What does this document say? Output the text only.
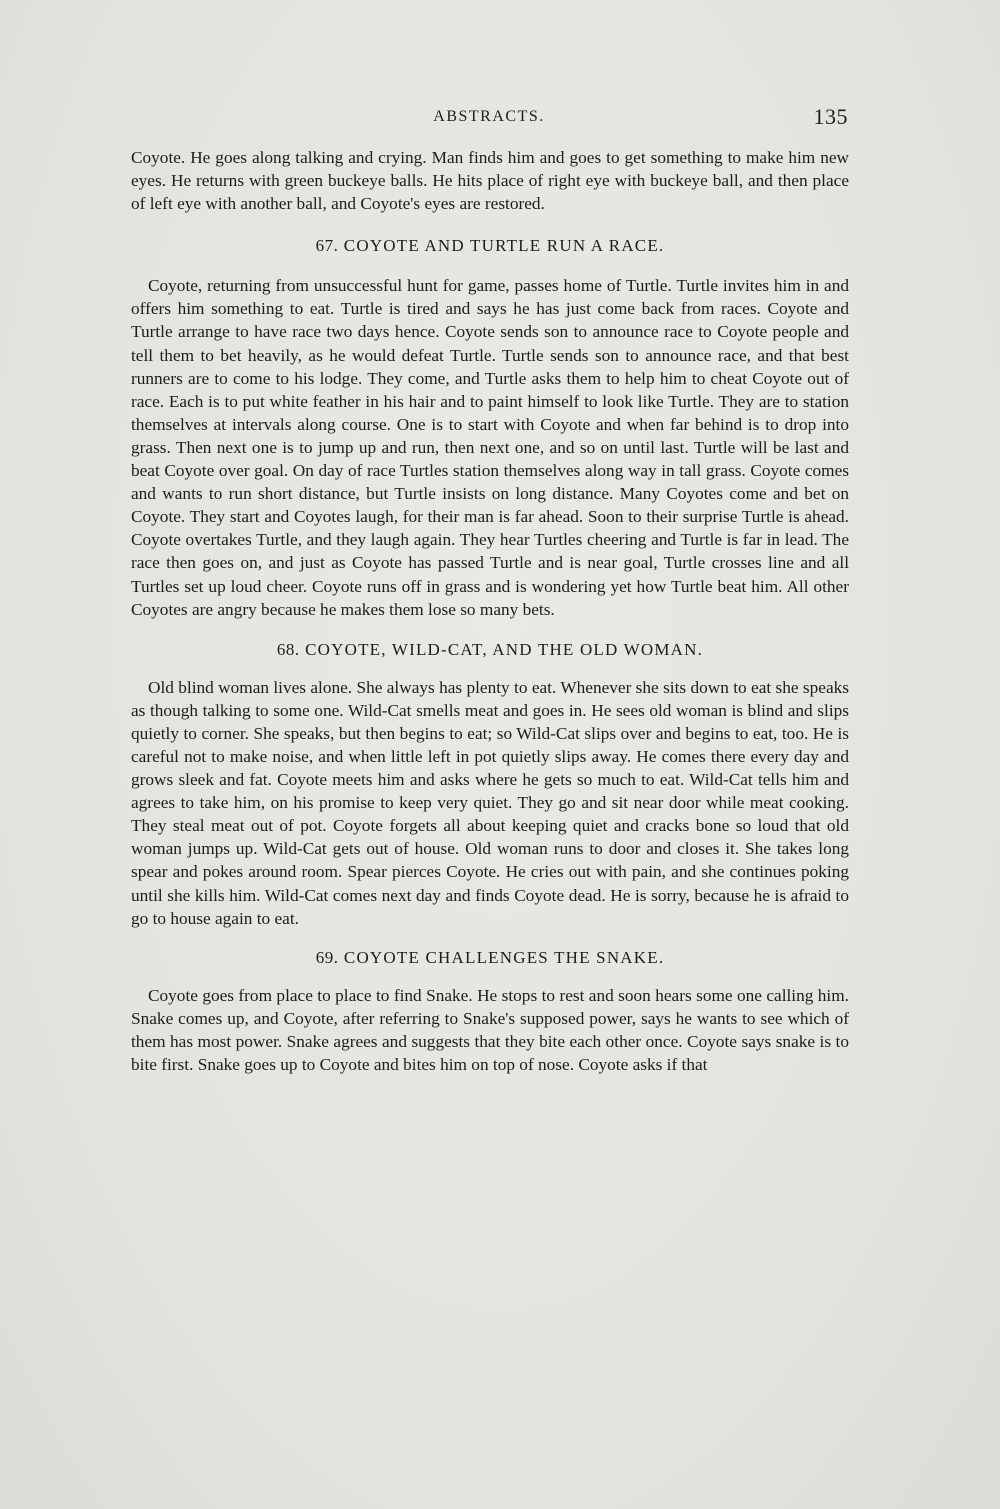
ABSTRACTS.	135

Coyote. He goes along talking and crying. Man finds him and goes to get something to make him new eyes. He returns with green buckeye balls. He hits place of right eye with buckeye ball, and then place of left eye with another ball, and Coyote's eyes are restored.

67. COYOTE AND TURTLE RUN A RACE.

Coyote, returning from unsuccessful hunt for game, passes home of Turtle. Turtle invites him in and offers him something to eat. Turtle is tired and says he has just come back from races. Coyote and Turtle arrange to have race two days hence. Coyote sends son to announce race to Coyote people and tell them to bet heavily, as he would defeat Turtle. Turtle sends son to announce race, and that best runners are to come to his lodge. They come, and Turtle asks them to help him to cheat Coyote out of race. Each is to put white feather in his hair and to paint himself to look like Turtle. They are to station themselves at intervals along course. One is to start with Coyote and when far behind is to drop into grass. Then next one is to jump up and run, then next one, and so on until last. Turtle will be last and beat Coyote over goal. On day of race Turtles station themselves along way in tall grass. Coyote comes and wants to run short distance, but Turtle insists on long distance. Many Coyotes come and bet on Coyote. They start and Coyotes laugh, for their man is far ahead. Soon to their surprise Turtle is ahead. Coyote overtakes Turtle, and they laugh again. They hear Turtles cheering and Turtle is far in lead. The race then goes on, and just as Coyote has passed Turtle and is near goal, Turtle crosses line and all Turtles set up loud cheer. Coyote runs off in grass and is wondering yet how Turtle beat him. All other Coyotes are angry because he makes them lose so many bets.

68. COYOTE, WILD-CAT, AND THE OLD WOMAN.

Old blind woman lives alone. She always has plenty to eat. Whenever she sits down to eat she speaks as though talking to some one. Wild-Cat smells meat and goes in. He sees old woman is blind and slips quietly to corner. She speaks, but then begins to eat; so Wild-Cat slips over and begins to eat, too. He is careful not to make noise, and when little left in pot quietly slips away. He comes there every day and grows sleek and fat. Coyote meets him and asks where he gets so much to eat. Wild-Cat tells him and agrees to take him, on his promise to keep very quiet. They go and sit near door while meat cooking. They steal meat out of pot. Coyote forgets all about keeping quiet and cracks bone so loud that old woman jumps up. Wild-Cat gets out of house. Old woman runs to door and closes it. She takes long spear and pokes around room. Spear pierces Coyote. He cries out with pain, and she continues poking until she kills him. Wild-Cat comes next day and finds Coyote dead. He is sorry, because he is afraid to go to house again to eat.

69. COYOTE CHALLENGES THE SNAKE.

Coyote goes from place to place to find Snake. He stops to rest and soon hears some one calling him. Snake comes up, and Coyote, after referring to Snake's supposed power, says he wants to see which of them has most power. Snake agrees and suggests that they bite each other once. Coyote says snake is to bite first. Snake goes up to Coyote and bites him on top of nose. Coyote asks if that
